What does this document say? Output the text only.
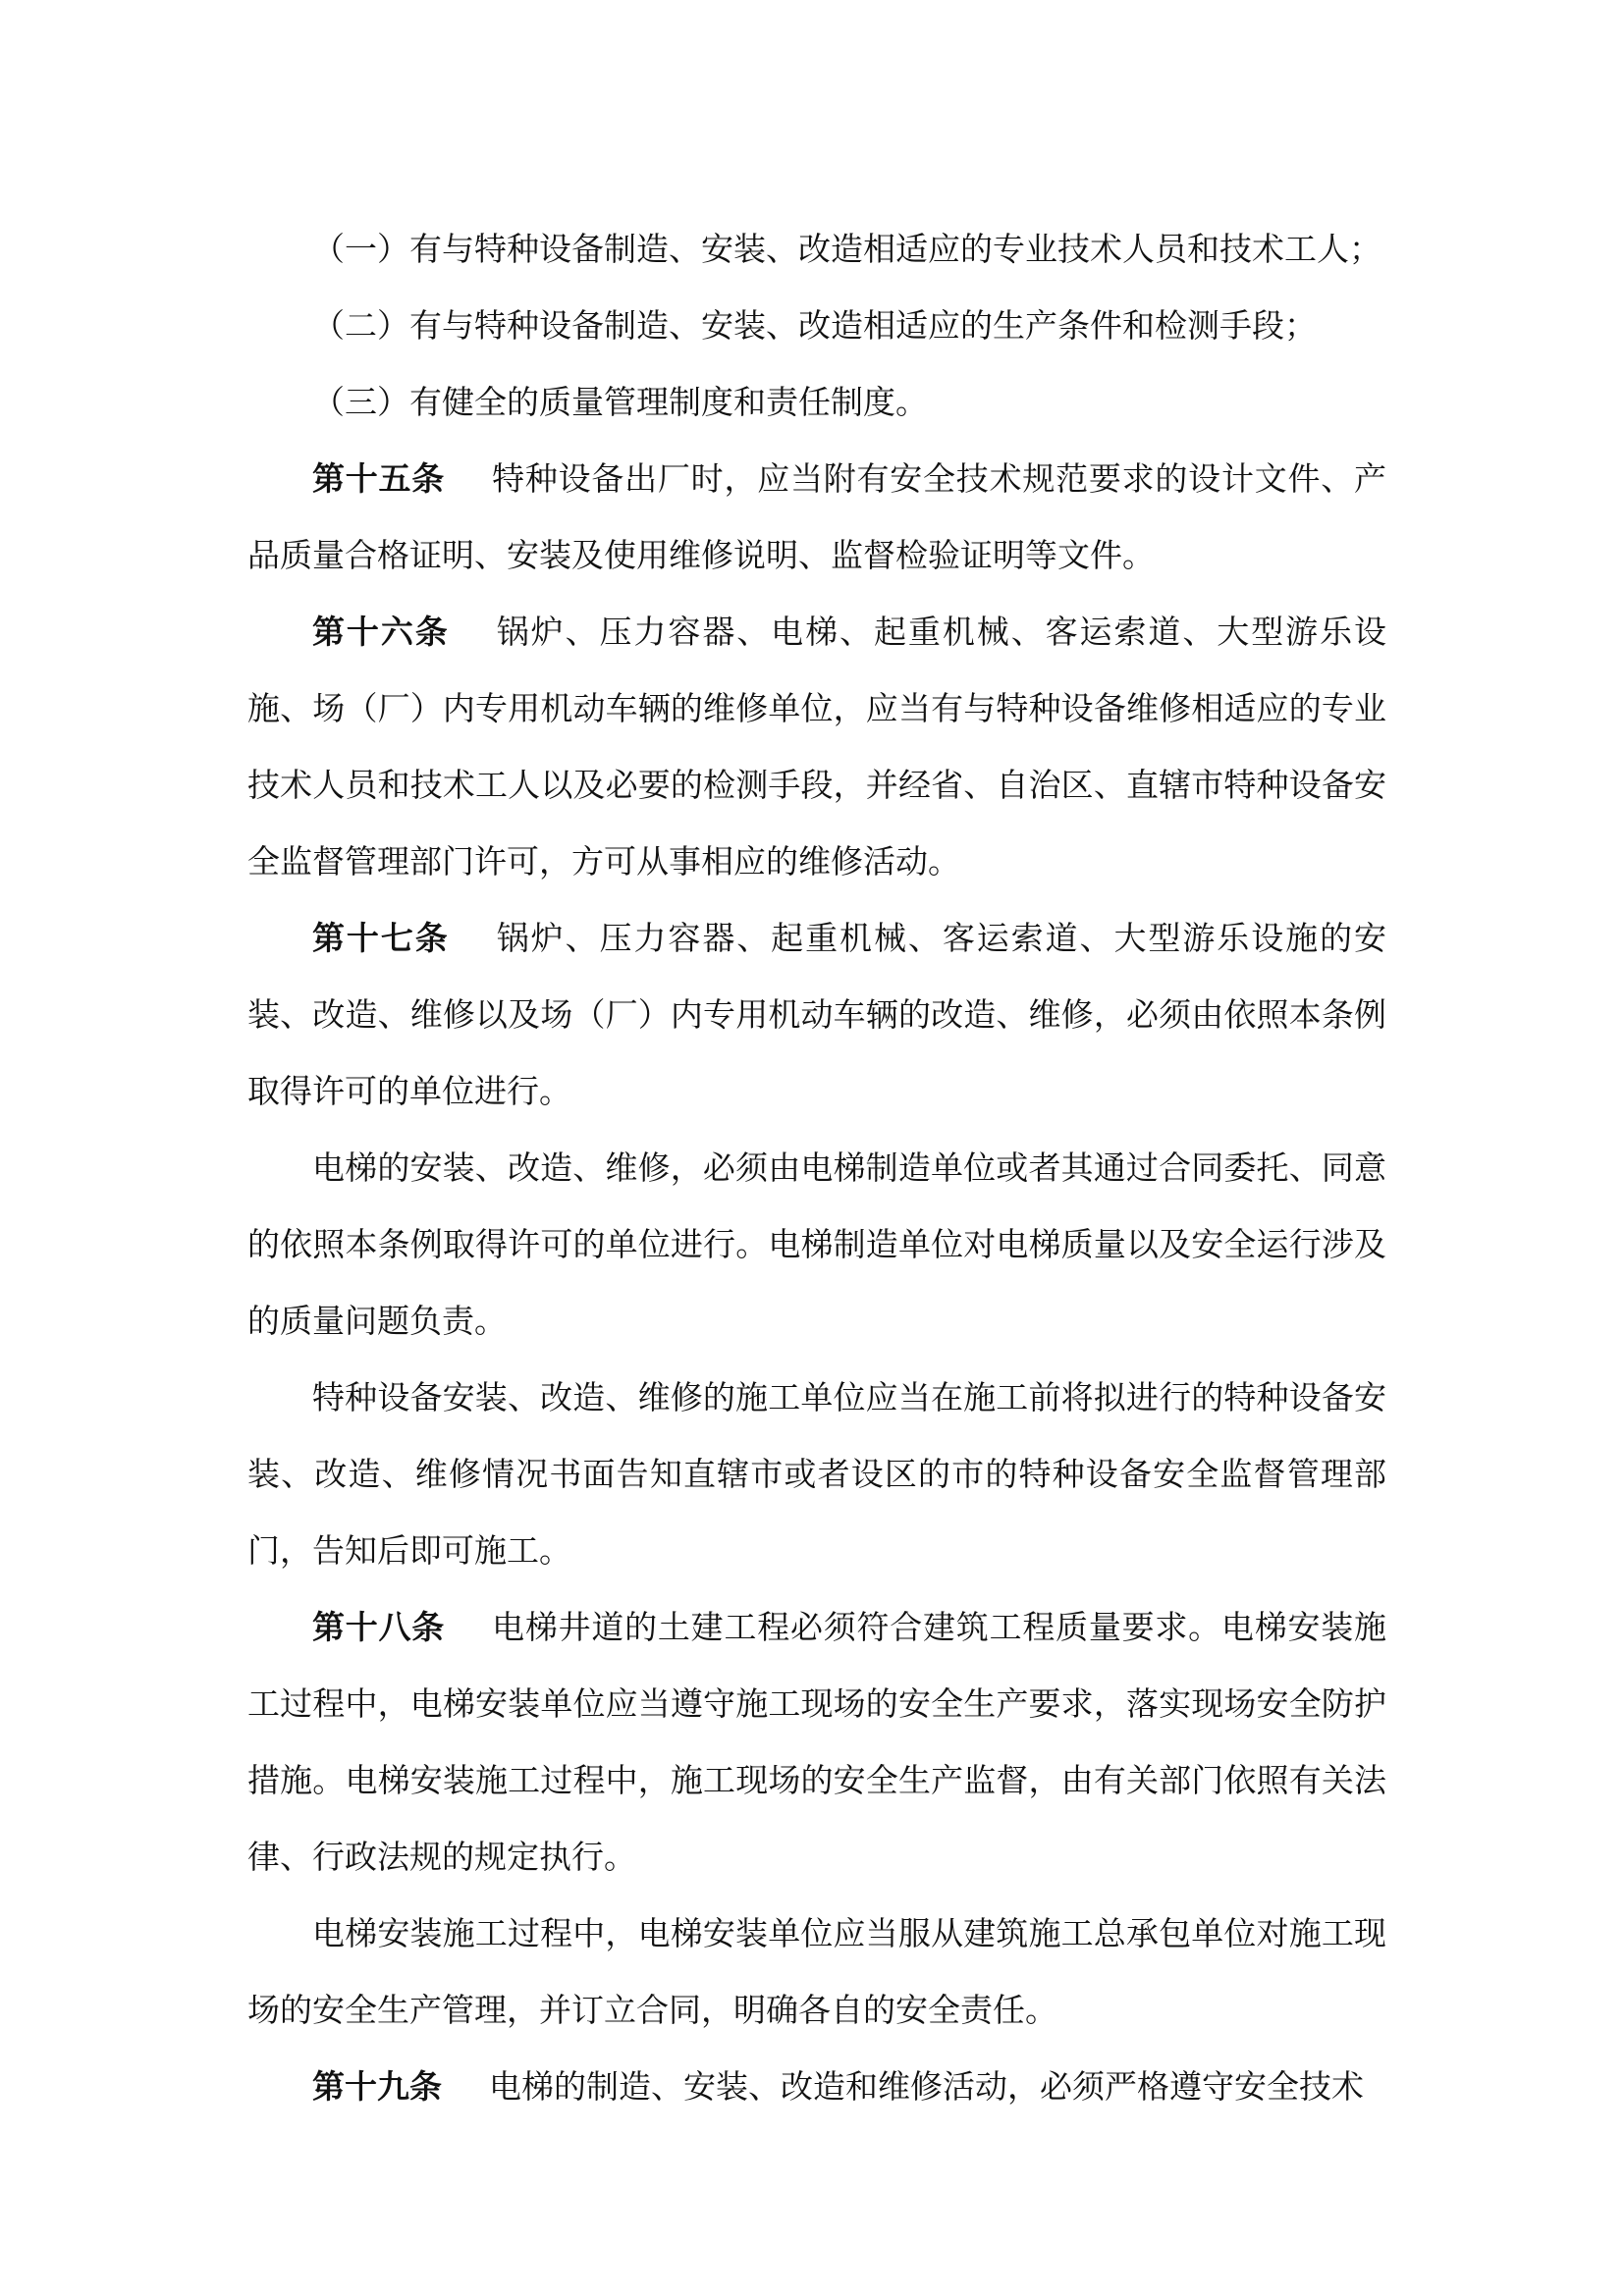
（一）有与特种设备制造、安装、改造相适应的专业技术人员和技术工人；

（二）有与特种设备制造、安装、改造相适应的生产条件和检测手段；

（三）有健全的质量管理制度和责任制度。

第十五条 特种设备出厂时，应当附有安全技术规范要求的设计文件、产品质量合格证明、安装及使用维修说明、监督检验证明等文件。

第十六条 锅炉、压力容器、电梯、起重机械、客运索道、大型游乐设施、场（厂）内专用机动车辆的维修单位，应当有与特种设备维修相适应的专业技术人员和技术工人以及必要的检测手段，并经省、自治区、直辖市特种设备安全监督管理部门许可，方可从事相应的维修活动。

第十七条 锅炉、压力容器、起重机械、客运索道、大型游乐设施的安装、改造、维修以及场（厂）内专用机动车辆的改造、维修，必须由依照本条例取得许可的单位进行。

电梯的安装、改造、维修，必须由电梯制造单位或者其通过合同委托、同意的依照本条例取得许可的单位进行。电梯制造单位对电梯质量以及安全运行涉及的质量问题负责。

特种设备安装、改造、维修的施工单位应当在施工前将拟进行的特种设备安装、改造、维修情况书面告知直辖市或者设区的市的特种设备安全监督管理部门，告知后即可施工。

第十八条 电梯井道的土建工程必须符合建筑工程质量要求。电梯安装施工过程中，电梯安装单位应当遵守施工现场的安全生产要求，落实现场安全防护措施。电梯安装施工过程中，施工现场的安全生产监督，由有关部门依照有关法律、行政法规的规定执行。

电梯安装施工过程中，电梯安装单位应当服从建筑施工总承包单位对施工现场的安全生产管理，并订立合同，明确各自的安全责任。

第十九条 电梯的制造、安装、改造和维修活动，必须严格遵守安全技术
